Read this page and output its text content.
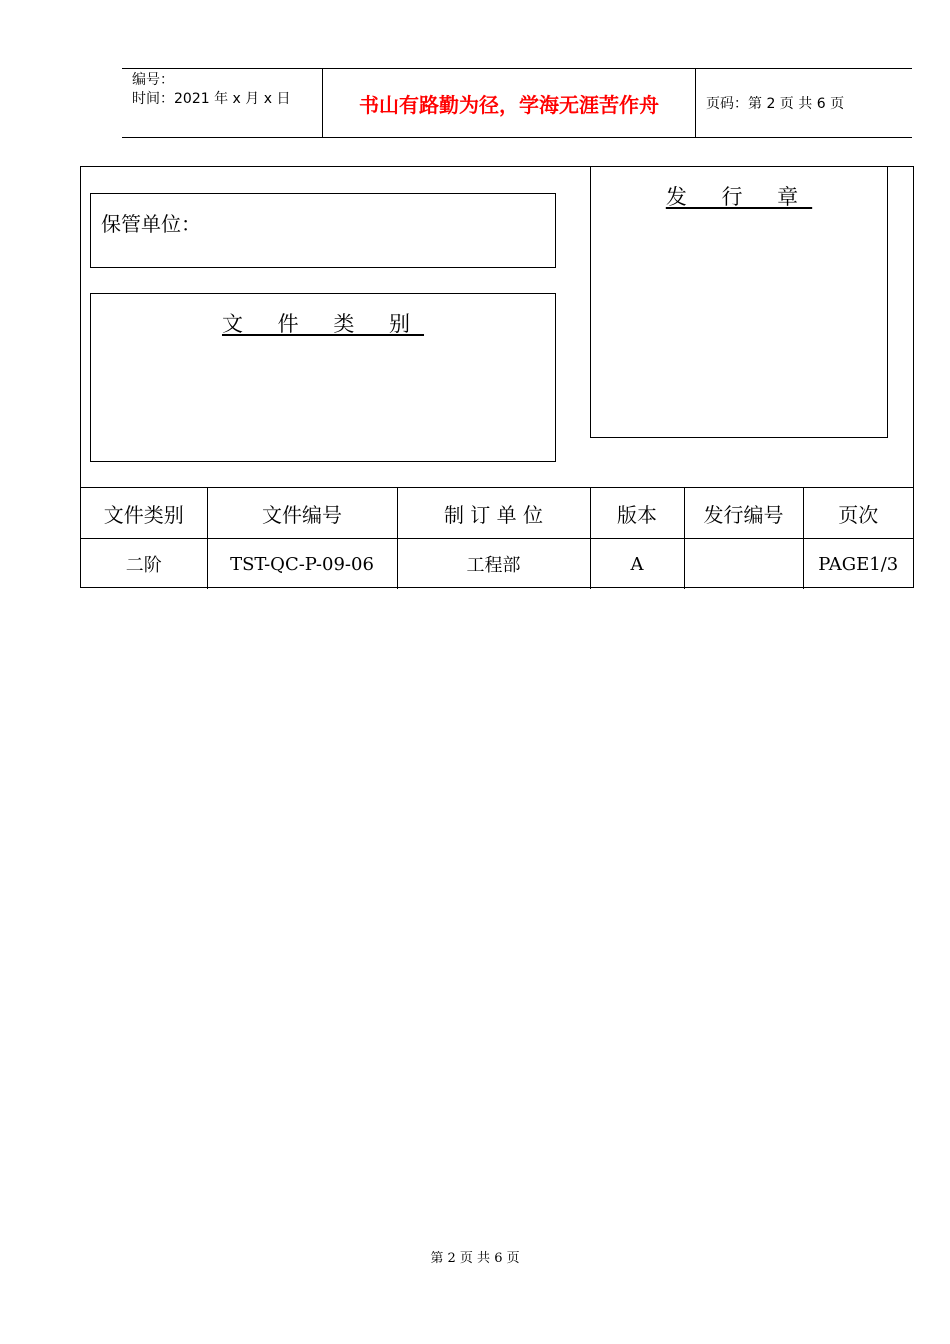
编号：
时间：2021 年 x 月 x 日	书山有路勤为径，学海无涯苦作舟	页码：第 2 页 共 6 页
保管单位：
文 件 类 别
发 行 章
文件类别	文件编号	制 订 单 位	版本	发行编号	页次
二阶	TST-QC-P-09-06	工程部	A		PAGE1/3
第 2 页 共 6 页
